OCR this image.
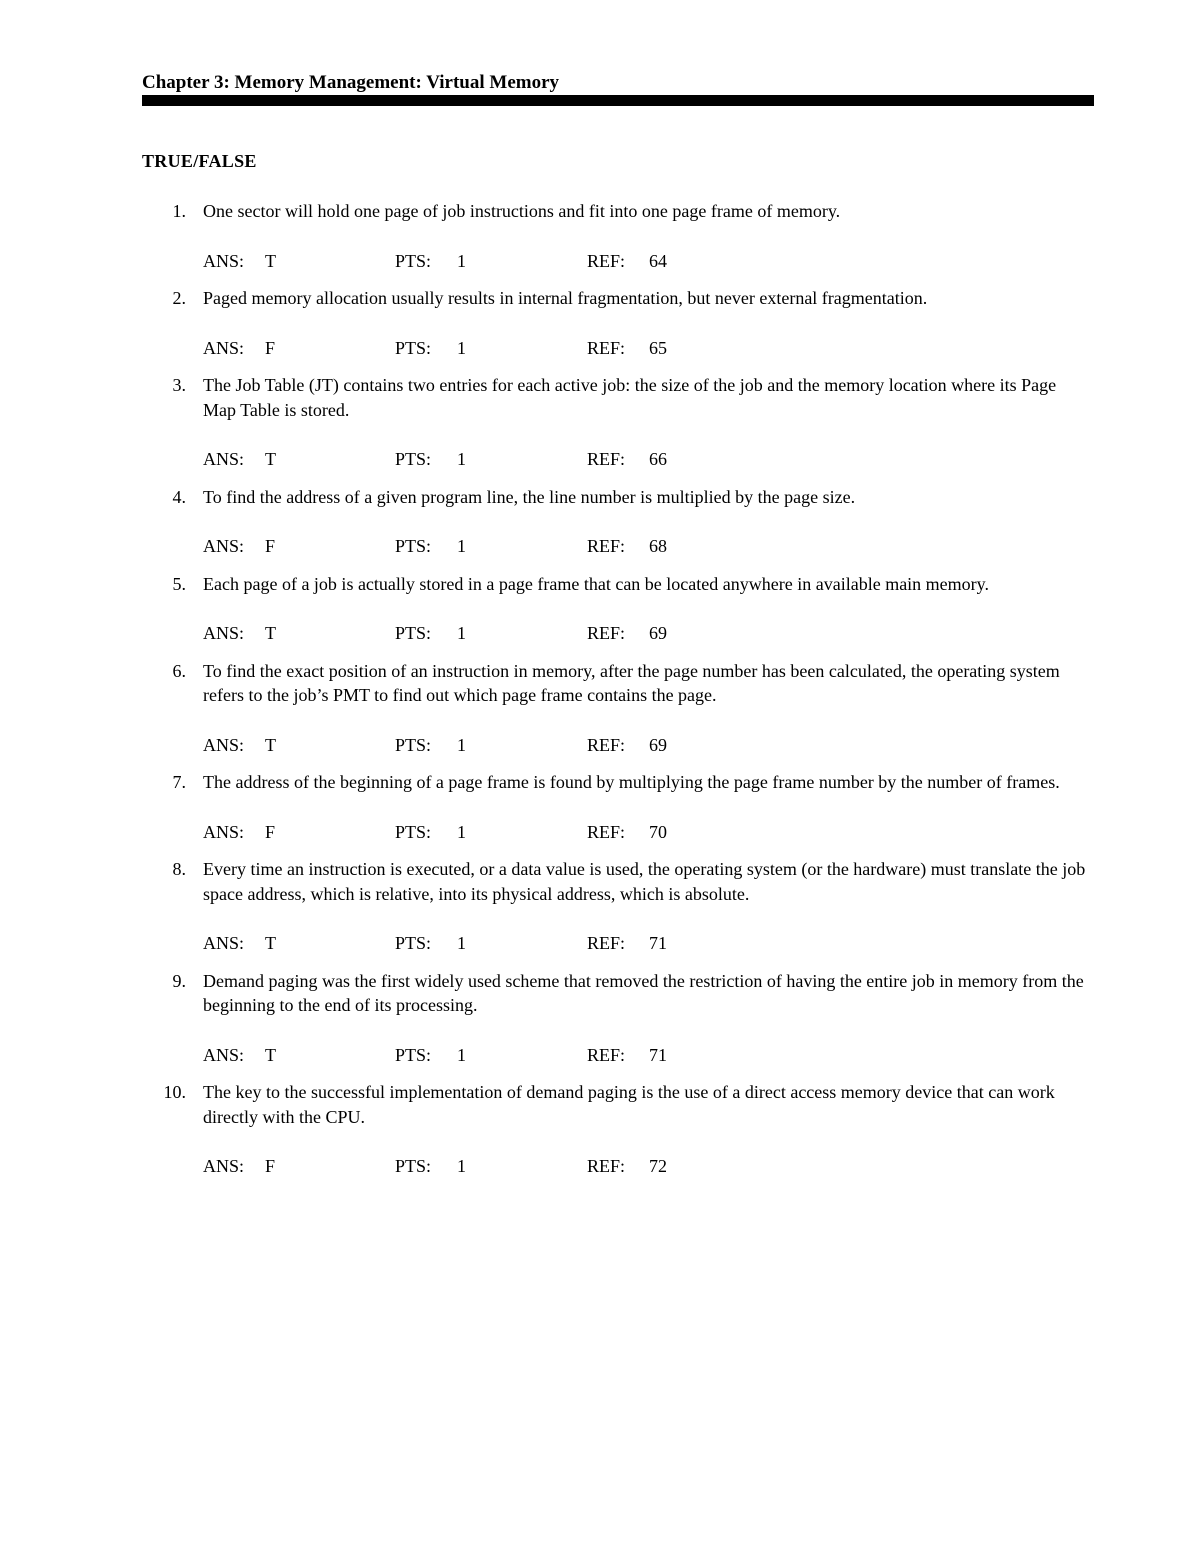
Chapter 3: Memory Management: Virtual Memory
TRUE/FALSE
1. One sector will hold one page of job instructions and fit into one page frame of memory.
ANS: T	PTS: 1	REF: 64
2. Paged memory allocation usually results in internal fragmentation, but never external fragmentation.
ANS: F	PTS: 1	REF: 65
3. The Job Table (JT) contains two entries for each active job: the size of the job and the memory location where its Page Map Table is stored.
ANS: T	PTS: 1	REF: 66
4. To find the address of a given program line, the line number is multiplied by the page size.
ANS: F	PTS: 1	REF: 68
5. Each page of a job is actually stored in a page frame that can be located anywhere in available main memory.
ANS: T	PTS: 1	REF: 69
6. To find the exact position of an instruction in memory, after the page number has been calculated, the operating system refers to the job’s PMT to find out which page frame contains the page.
ANS: T	PTS: 1	REF: 69
7. The address of the beginning of a page frame is found by multiplying the page frame number by the number of frames.
ANS: F	PTS: 1	REF: 70
8. Every time an instruction is executed, or a data value is used, the operating system (or the hardware) must translate the job space address, which is relative, into its physical address, which is absolute.
ANS: T	PTS: 1	REF: 71
9. Demand paging was the first widely used scheme that removed the restriction of having the entire job in memory from the beginning to the end of its processing.
ANS: T	PTS: 1	REF: 71
10. The key to the successful implementation of demand paging is the use of a direct access memory device that can work directly with the CPU.
ANS: F	PTS: 1	REF: 72
